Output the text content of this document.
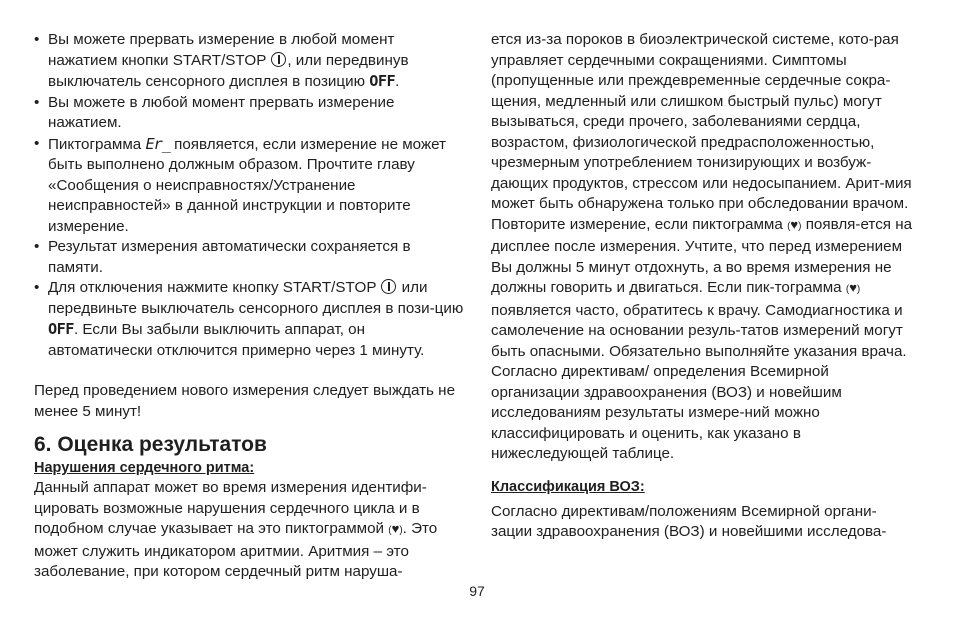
• Вы можете прервать измерение в любой момент нажатием кнопки START/STOP , или передвинув выключатель сенсорного дисплея в позицию OFF.
• Вы можете в любой момент прервать измерение нажатием.
• Пиктограмма Er_ появляется, если измерение не может быть выполнено должным образом. Прочтите главу «Сообщения о неисправностях/Устранение неисправностей» в данной инструкции и повторите измерение.
• Результат измерения автоматически сохраняется в памяти.
• Для отключения нажмите кнопку START/STOP или передвиньте выключатель сенсорного дисплея в пози-цию OFF. Если Вы забыли выключить аппарат, он автоматически отключится примерно через 1 минуту.

Перед проведением нового измерения следует выждать не менее 5 минут!

6. Оценка результатов
Нарушения сердечного ритма:

Данный аппарат может во время измерения идентифи-цировать возможные нарушения сердечного цикла и в подобном случае указывает на это пиктограммой (♥). Это может служить индикатором аритмии. Аритмия – это заболевание, при котором сердечный ритм наруша-

ется из-за пороков в биоэлектрической системе, кото-рая управляет сердечными сокращениями. Симптомы (пропущенные или преждевременные сердечные сокра-щения, медленный или слишком быстрый пульс) могут вызываться, среди прочего, заболеваниями сердца, возрастом, физиологической предрасположенностью, чрезмерным употреблением тонизирующих и возбуж-дающих продуктов, стрессом или недосыпанием. Арит-мия может быть обнаружена только при обследовании врачом.

Повторите измерение, если пиктограмма (♥) появля-ется на дисплее после измерения. Учтите, что перед измерением Вы должны 5 минут отдохнуть, а во время измерения не должны говорить и двигаться. Если пик-тограмма (♥) появляется часто, обратитесь к врачу. Самодиагностика и самолечение на основании резуль-татов измерений могут быть опасными. Обязательно выполняйте указания врача. Согласно директивам/ определения Всемирной организации здравоохранения (ВОЗ) и новейшим исследованиям результаты измере-ний можно классифицировать и оценить, как указано в нижеследующей таблице.

Классификация ВОЗ:

Согласно директивам/положениям Всемирной органи-зации здравоохранения (ВОЗ) и новейшими исследова-

97
